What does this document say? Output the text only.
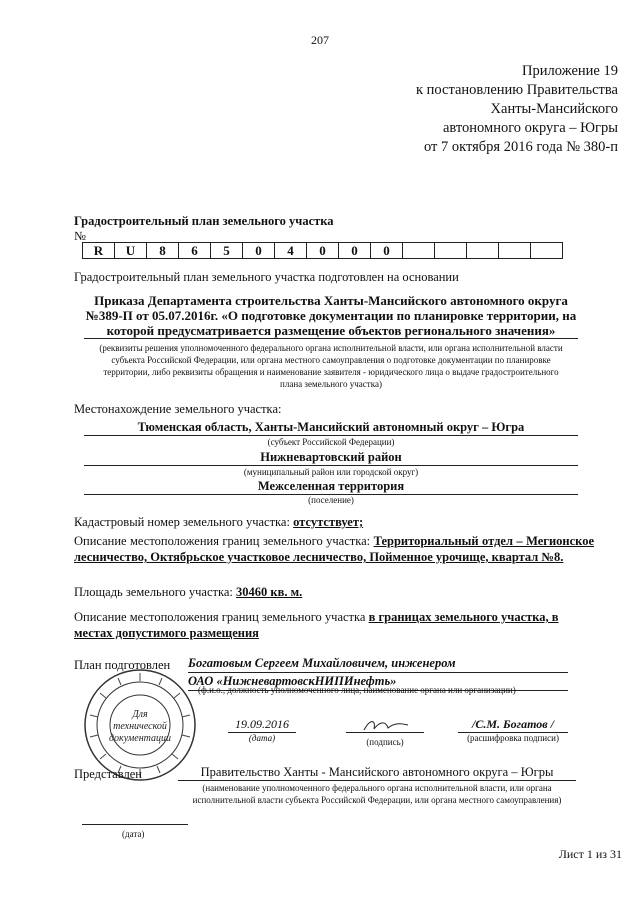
207
Приложение 19
к постановлению Правительства
Ханты-Мансийского
автономного округа – Югры
от 7 октября 2016 года № 380-п
Градостроительный план земельного участка
№
R	U	8	6	5	0	4	0	0	0					
Градостроительный план земельного участка подготовлен на основании
Приказа Департамента строительства Ханты-Мансийского автономного округа
№389-П от 05.07.2016г. «О подготовке документации по планировке территории, на
которой предусматривается размещение объектов регионального значения»
(реквизиты решения уполномоченного федерального органа исполнительной власти, или органа исполнительной власти
субъекта Российской Федерации, или органа местного самоуправления о подготовке документации по планировке
территории, либо реквизиты обращения и наименование заявителя - юридического лица о выдаче градостроительного
плана земельного участка)
Местонахождение земельного участка:
Тюменская область, Ханты-Мансийский автономный округ – Югра
(субъект Российской Федерации)
Нижневартовский район
(муниципальный район или городской округ)
Межселенная территория
(поселение)
Кадастровый номер земельного участка: отсутствует;
Описание местоположения границ земельного участка: Территориальный отдел – Мегионское лесничество, Октябрьское участковое лесничество, Пойменное урочище, квартал №8.
Площадь земельного участка: 30460 кв. м.
Описание местоположения границ земельного участка в границах земельного участка, в местах допустимого размещения
План подготовлен Богатовым Сергеем Михайловичем, инженером
ОАО «НижневартовскНИПИнефть»
(ф.и.о., должность уполномоченного лица, наименование органа или организации)
Для
технической
документации
19.09.2016
(дата)	(подпись)
/С.М. Богатов /
(расшифровка подписи)
Представлен	Правительство Ханты - Мансийского автономного округа – Югры
(наименование уполномоченного федерального органа исполнительной власти, или органа
исполнительной власти субъекта Российской Федерации, или органа местного самоуправления)
(дата)
Лист 1 из 31
